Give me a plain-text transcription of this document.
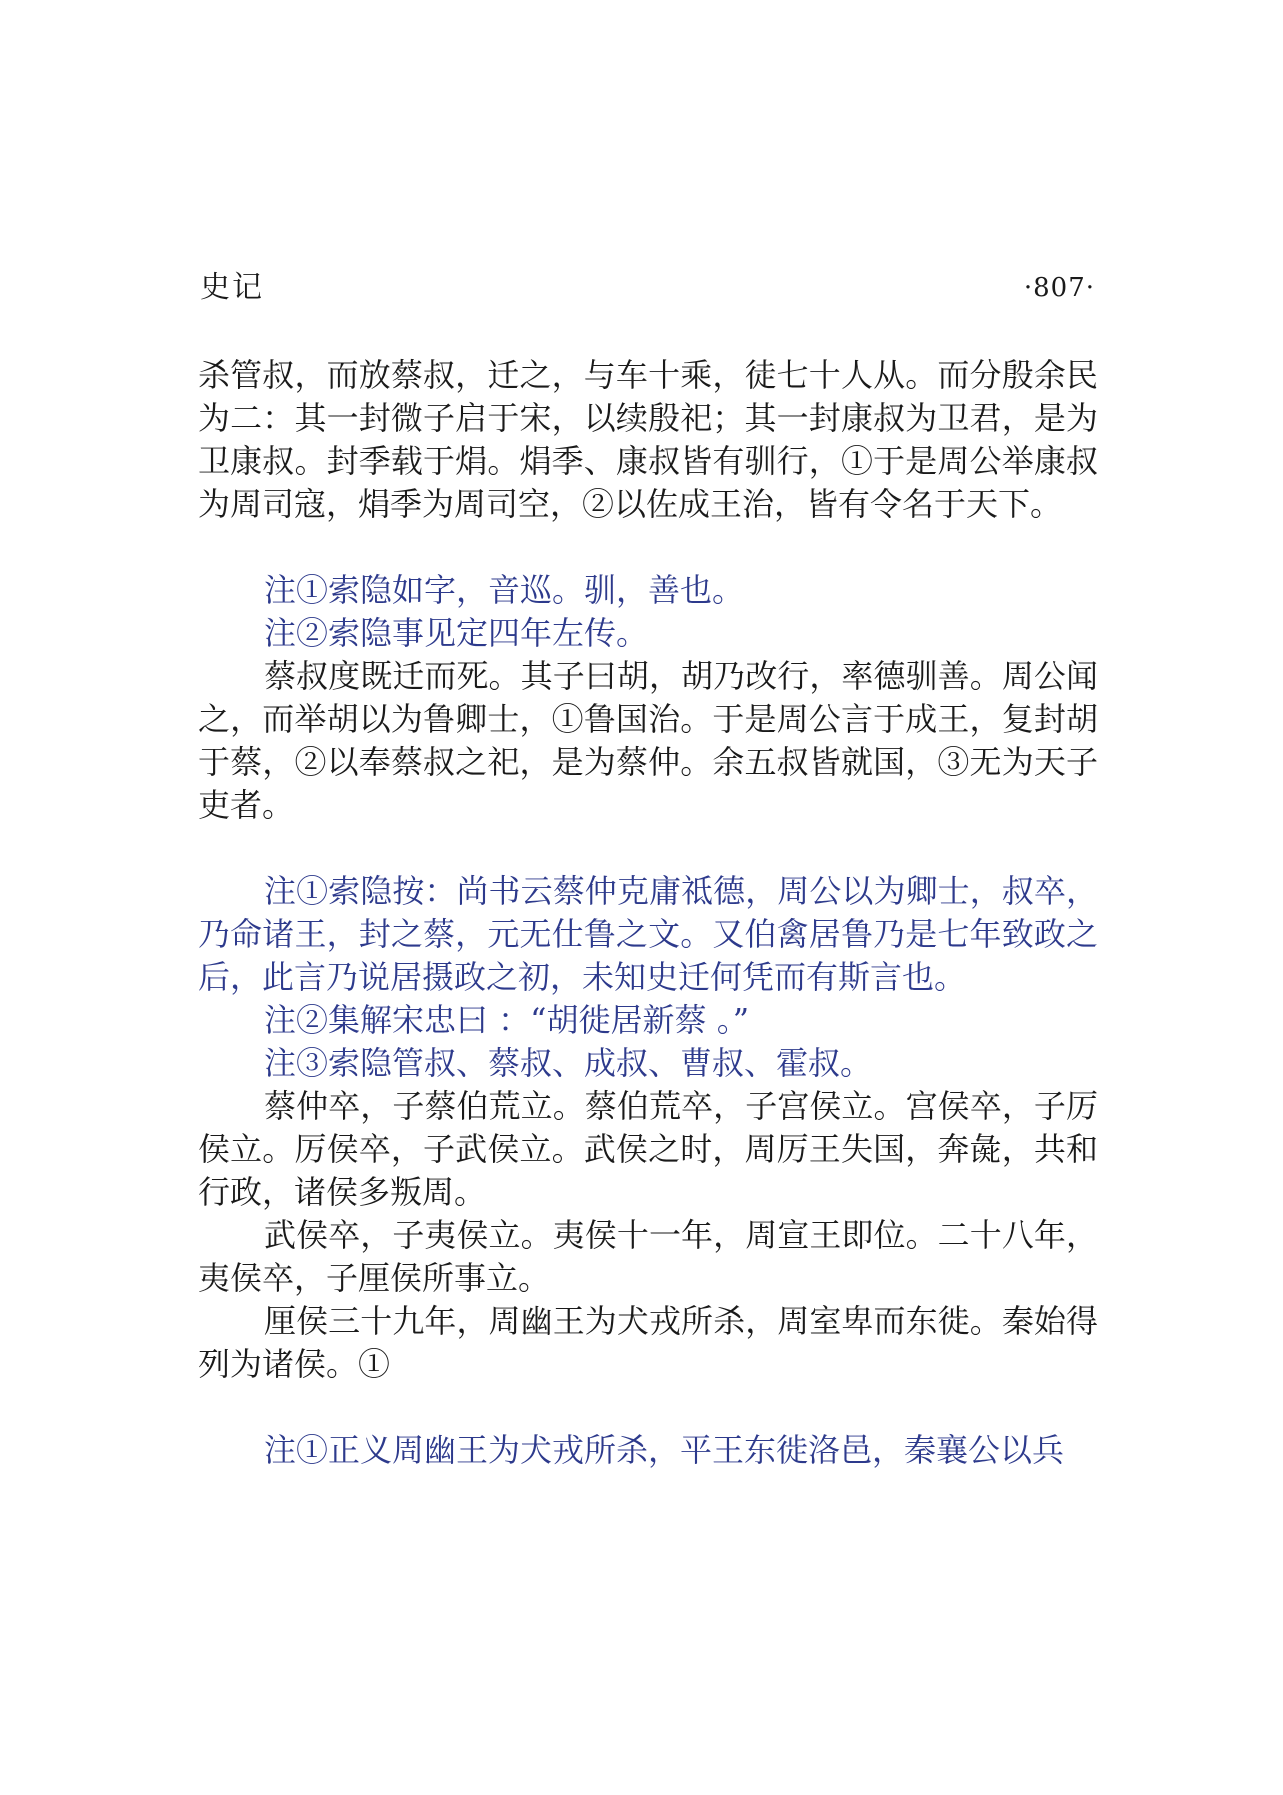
史记	·807·

杀管叔，而放蔡叔，迁之，与车十乘，徒七十人从。而分殷余民为二：其一封微子启于宋，以续殷祀；其一封康叔为卫君，是为卫康叔。封季载于焆。焆季、康叔皆有驯行，①于是周公举康叔为周司寇，焆季为周司空，②以佐成王治，皆有令名于天下。

注①索隐如字，音巡。驯，善也。

注②索隐事见定四年左传。

蔡叔度既迁而死。其子曰胡，胡乃改行，率德驯善。周公闻之，而举胡以为鲁卿士，①鲁国治。于是周公言于成王，复封胡于蔡，②以奉蔡叔之祀，是为蔡仲。余五叔皆就国，③无为天子吏者。

注①索隐按：尚书云蔡仲克庸祗德，周公以为卿士，叔卒，乃命诸王，封之蔡，元无仕鲁之文。又伯禽居鲁乃是七年致政之后，此言乃说居摄政之初，未知史迁何凭而有斯言也。

注②集解宋忠曰 ：“胡徙居新蔡 。”

注③索隐管叔、蔡叔、成叔、曹叔、霍叔。

蔡仲卒，子蔡伯荒立。蔡伯荒卒，子宫侯立。宫侯卒，子厉侯立。厉侯卒，子武侯立。武侯之时，周厉王失国，奔彘，共和行政，诸侯多叛周。

武侯卒，子夷侯立。夷侯十一年，周宣王即位。二十八年，夷侯卒，子厘侯所事立。

厘侯三十九年，周幽王为犬戎所杀，周室卑而东徙。秦始得列为诸侯。①

注①正义周幽王为犬戎所杀，平王东徙洛邑，秦襄公以兵
